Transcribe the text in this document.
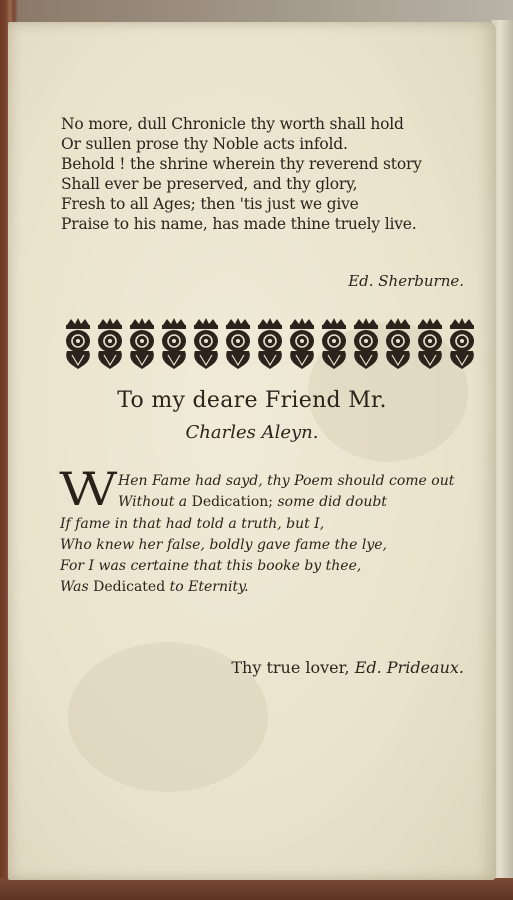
No more, dull Chronicle thy worth shall hold
Or sullen prose thy Noble acts infold.
Behold ! the shrine wherein thy reverend story
Shall ever be preserved, and thy glory,
Fresh to all Ages; then 'tis just we give
Praise to his name, has made thine truely live.
Ed. Sherburne.
To my deare Friend Mr.
Charles Aleyn.
VV Hen Fame had sayd, thy Poem should come out
Without a Dedication; some did doubt
If fame in that had told a truth, but I,
Who knew her false, boldly gave fame the lye,
For I was certaine that this booke by thee,
Was Dedicated to Eternity.
Thy true lover, Ed. Prideaux.
